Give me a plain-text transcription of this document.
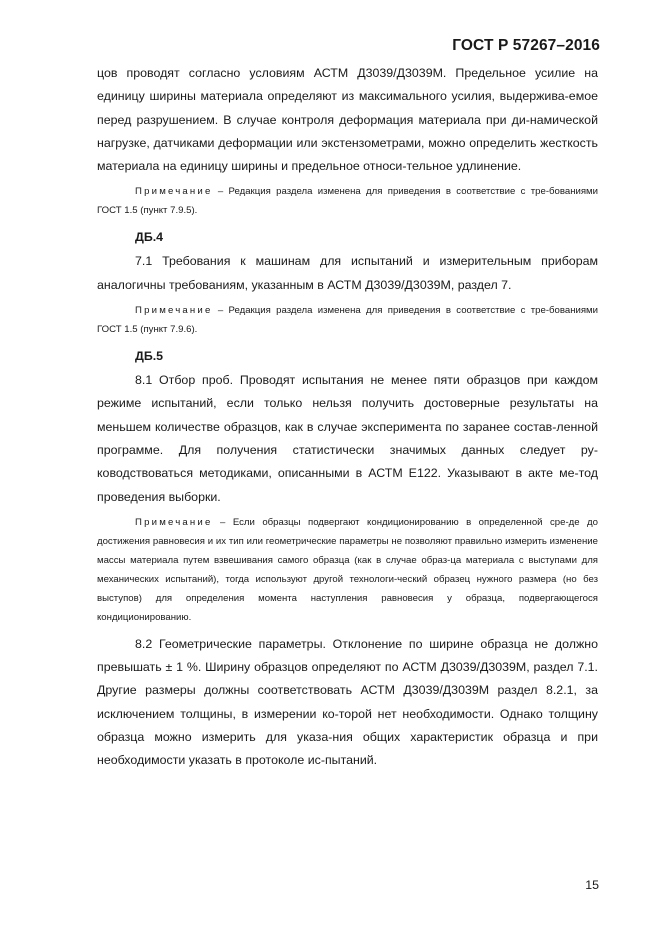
ГОСТ Р 57267–2016

цов проводят согласно условиям АСТМ Д3039/Д3039М. Предельное усилие на единицу ширины материала определяют из максимального усилия, выдержива-емое перед разрушением. В случае контроля деформация материала при ди-намической нагрузке, датчиками деформации или экстензометрами, можно определить жесткость материала на единицу ширины и предельное относи-тельное удлинение.

Примечание – Редакция раздела изменена для приведения в соответствие с тре-бованиями ГОСТ 1.5 (пункт 7.9.5).

ДБ.4

7.1 Требования к машинам для испытаний и измерительным приборам аналогичны требованиям, указанным в АСТМ Д3039/Д3039М, раздел 7.

Примечание – Редакция раздела изменена для приведения в соответствие с тре-бованиями ГОСТ 1.5 (пункт 7.9.6).

ДБ.5

8.1 Отбор проб. Проводят испытания не менее пяти образцов при каждом режиме испытаний, если только нельзя получить достоверные результаты на меньшем количестве образцов, как в случае эксперимента по заранее состав-ленной программе. Для получения статистически значимых данных следует ру-ководствоваться методиками, описанными в АСТМ Е122. Указывают в акте ме-тод проведения выборки.

Примечание – Если образцы подвергают кондиционированию в определенной сре-де до достижения равновесия и их тип или геометрические параметры не позволяют правильно измерить изменение массы материала путем взвешивания самого образца (как в случае образ-ца материала с выступами для механических испытаний), тогда используют другой технологи-ческий образец нужного размера (но без выступов) для определения момента наступления равновесия у образца, подвергающегося кондиционированию.

8.2 Геометрические параметры. Отклонение по ширине образца не должно превышать ± 1 %. Ширину образцов определяют по АСТМ Д3039/Д3039М, раздел 7.1. Другие размеры должны соответствовать АСТМ Д3039/Д3039М раздел 8.2.1, за исключением толщины, в измерении ко-торой нет необходимости. Однако толщину образца можно измерить для указа-ния общих характеристик образца и при необходимости указать в протоколе ис-пытаний.

15
